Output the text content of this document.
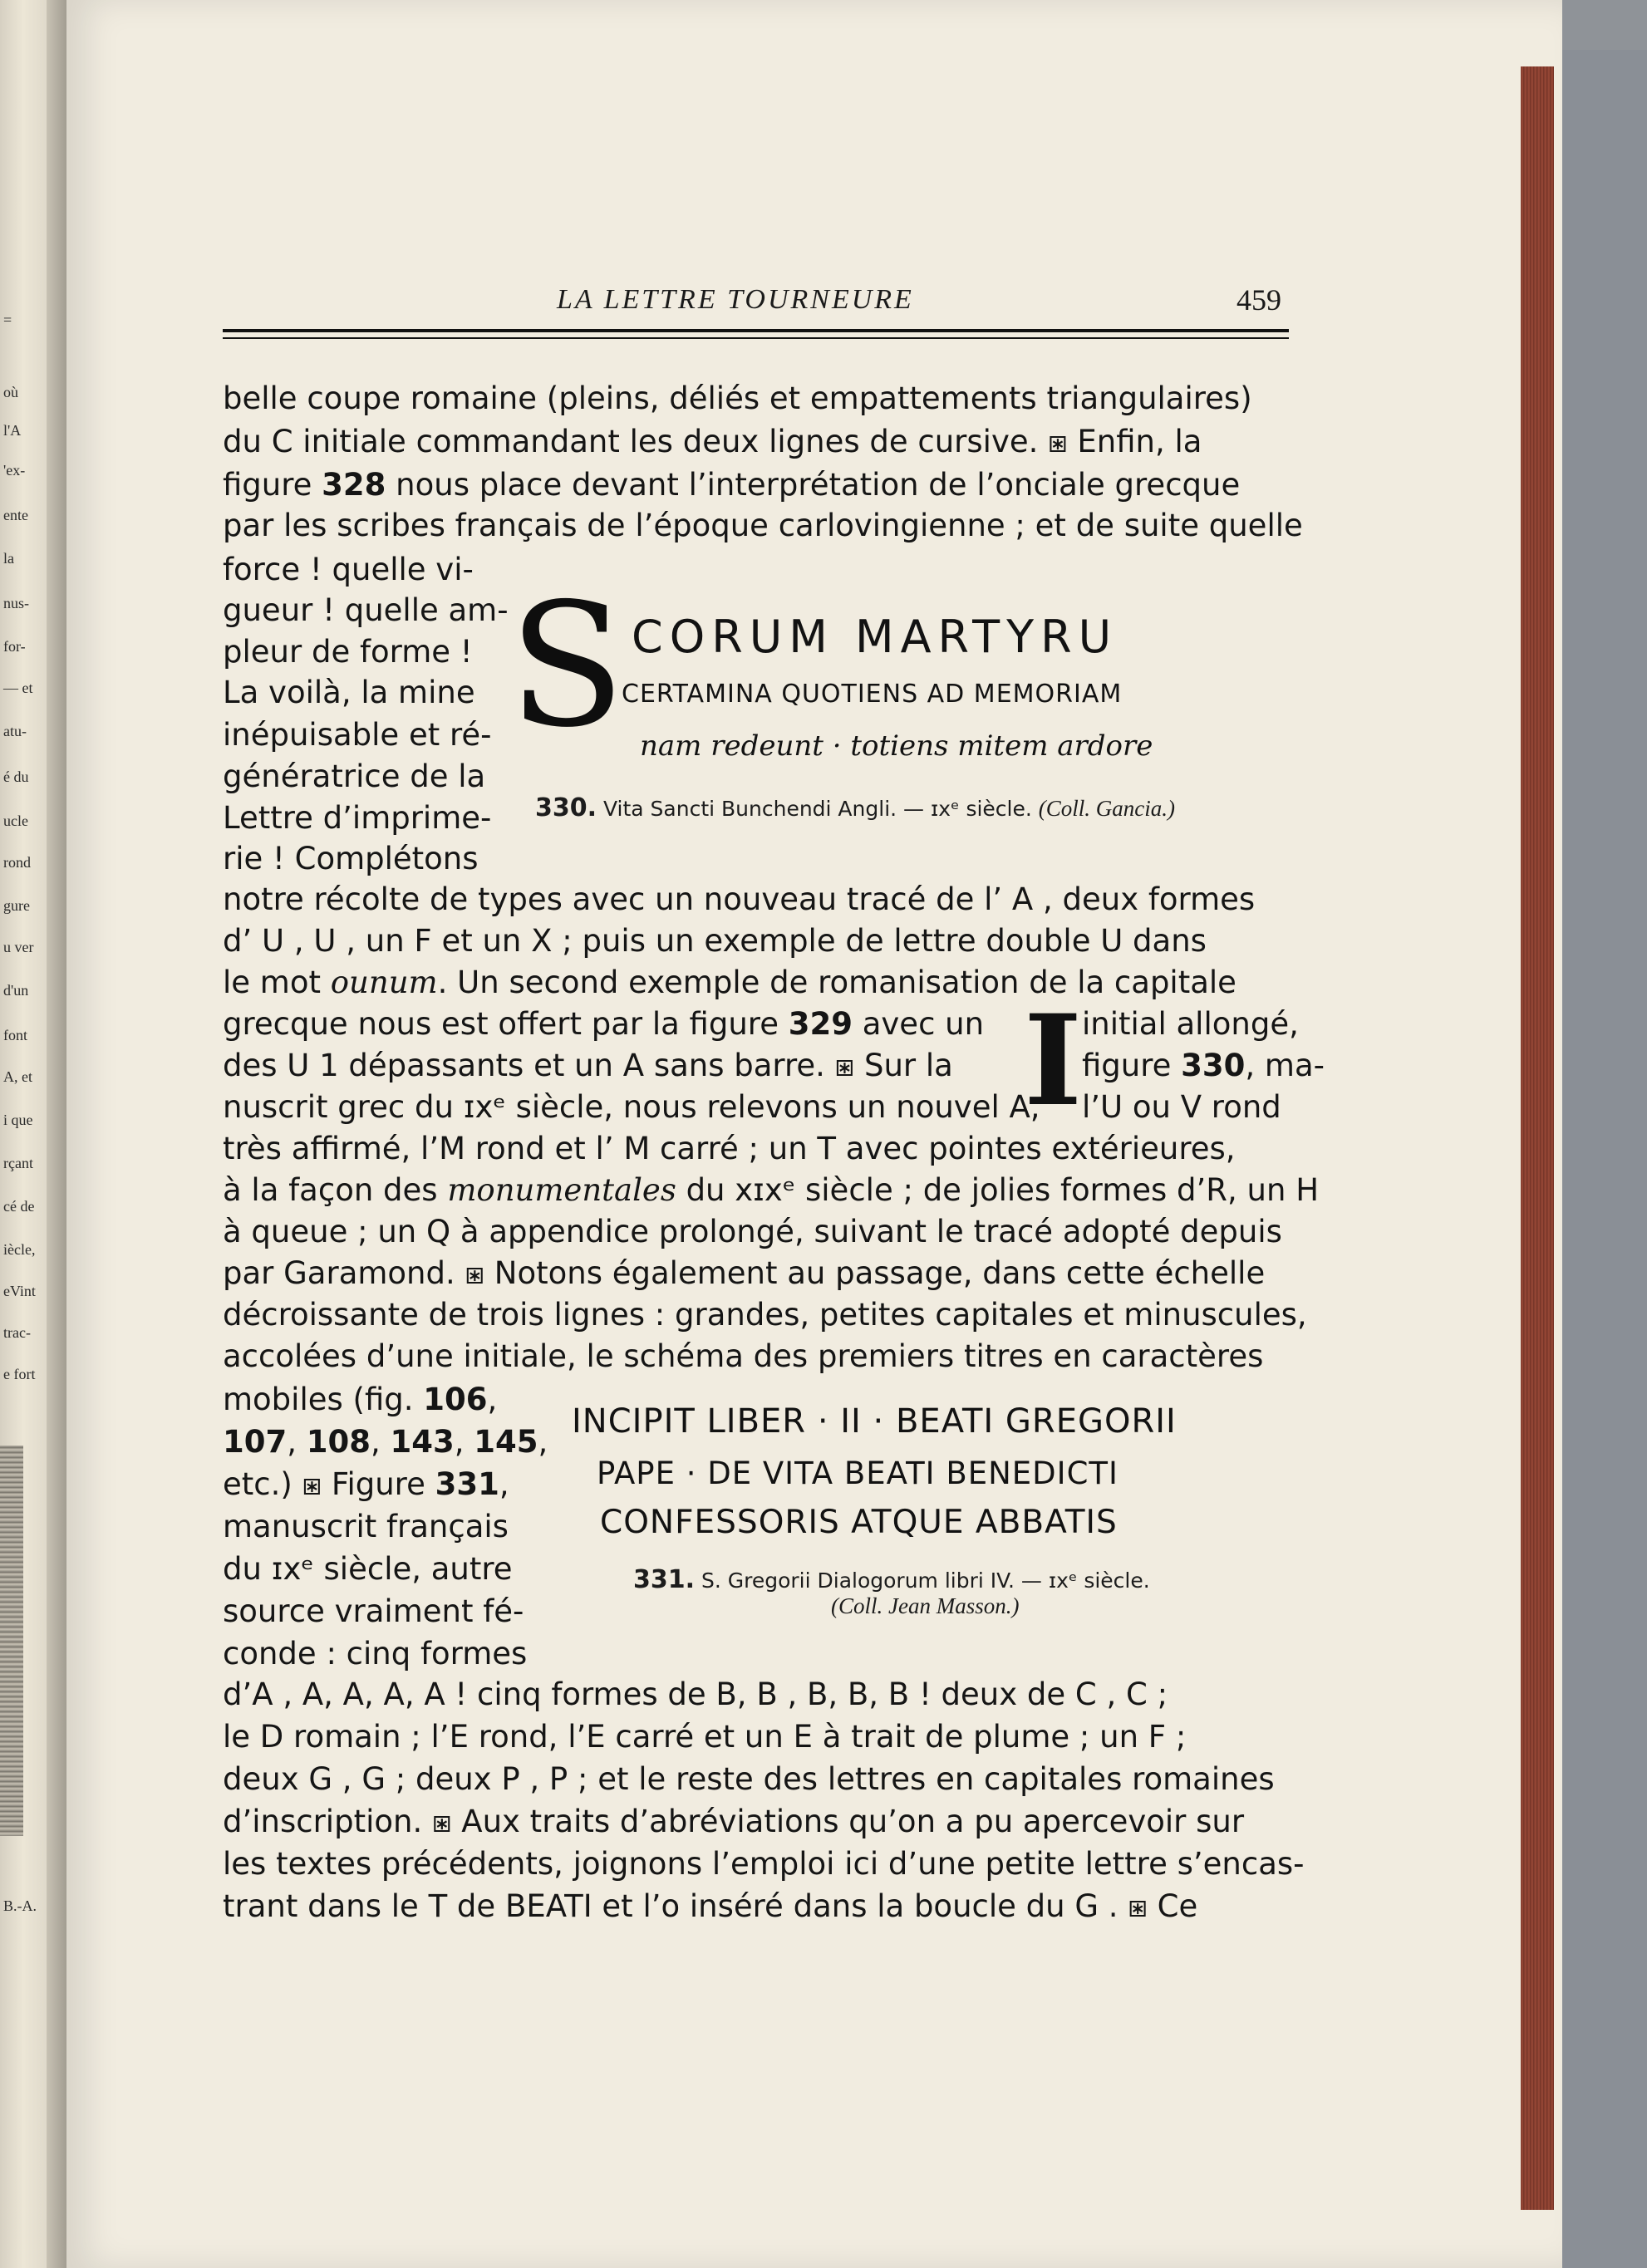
=
où
l'A
'ex-
ente
la
nus-
for-
— et
atu-
é du
ucle
rond
gure
u ver
d'un
font
A, et
i que
rçant
cé de
iècle,
eVint
trac-
e fort
B.-A.
LA LETTRE TOURNEURE	459
belle coupe romaine (pleins, déliés et empattements triangulaires)
du C initiale commandant les deux lignes de cursive. ⧆ Enfin, la
figure 328 nous place devant l’interprétation de l’onciale grecque
par les scribes français de l’époque carlovingienne ; et de suite quelle
force ! quelle vi-
gueur ! quelle am-
pleur de forme !
La voilà, la mine
inépuisable et ré-
génératrice de la
Lettre d’imprime-
rie ! Complétons
S CORUM MARTYRU
CERTAMINA QUOTIENS AD MEMORIAM
nam redeunt · totiens mitem ardore
330. Vita Sancti Bunchendi Angli. — ɪxᵉ siècle. (Coll. Gancia.)
notre récolte de types avec un nouveau tracé de l’ A , deux formes
d’ U , U , un F et un X ; puis un exemple de lettre double U dans
le mot ounum. Un second exemple de romanisation de la capitale
grecque nous est offert par la figure 329 avec un
des U 1 dépassants et un A sans barre. ⧆ Sur la
nuscrit grec du ɪxᵉ siècle, nous relevons un nouvel A,
I initial allongé,
figure 330, ma-
l’U ou V rond
très affirmé, l’M rond et l’ M carré ; un T avec pointes extérieures,
à la façon des monumentales du xɪxᵉ siècle ; de jolies formes d’R, un H
à queue ; un Q à appendice prolongé, suivant le tracé adopté depuis
par Garamond. ⧆ Notons également au passage, dans cette échelle
décroissante de trois lignes : grandes, petites capitales et minuscules,
accolées d’une initiale, le schéma des premiers titres en caractères
mobiles (fig. 106,
107, 108, 143, 145,
etc.) ⧆ Figure 331,
manuscrit français
du ɪxᵉ siècle, autre
source vraiment fé-
conde : cinq formes
INCIPIT LIBER · II · BEATI GREGORII
PAPE · DE VITA BEATI BENEDICTI
CONFESSORIS ATQUE ABBATIS
331. S. Gregorii Dialogorum libri IV. — ɪxᵉ siècle.
(Coll. Jean Masson.)
d’A , A, A, A, A ! cinq formes de B, B , B, B, B ! deux de C , C ;
le D romain ; l’E rond, l’E carré et un E à trait de plume ; un F ;
deux G , G ; deux P , P ; et le reste des lettres en capitales romaines
d’inscription. ⧆ Aux traits d’abréviations qu’on a pu apercevoir sur
les textes précédents, joignons l’emploi ici d’une petite lettre s’encas-
trant dans le T de BEATI et l’o inséré dans la boucle du G . ⧆ Ce
